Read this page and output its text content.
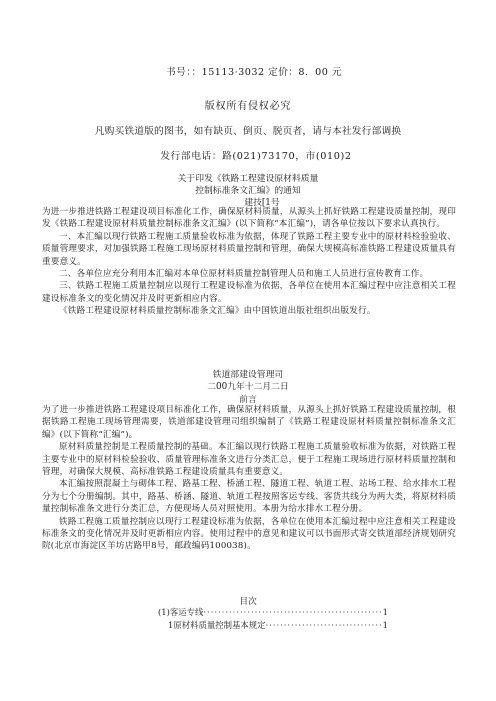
书号：：15113·3032 定价：8．00 元
版权所有侵权必究
凡购买铁道版的图书，如有缺页、倒页、脱页者，请与本社发行部调换
发行部电话：路(021)73170，市(010)2
关于印发《铁路工程建设原材料质量
控制标准条文汇编》的通知
建技[1号

为进一步推进铁路工程建设项目标准化工作，确保原材料质量，从源头上抓好铁路工程建设质量控制，现印发《铁路工程建设原材料质量控制标准条文汇编》(以下简称“本汇编”)，请各单位按以下要求认真执行。

一、本汇编以现行铁路工程施工质量验收标准为依据，体现了铁路工程主要专业中的原材料检验验收、质量管理要求，对加强铁路工程施工现场原材料质量控制和管理，确保大规模高标准铁路工程建设质量具有重要意义。

二、各单位应充分利用本汇编对本单位原材料质量控制管理人员和施工人员进行宣传教育工作。

三、铁路工程施工质量控制应以现行工程建设标准为依据，各单位在使用本汇编过程中应注意相关工程建设标准条文的变化情况并及时更新相应内容。

《铁路工程建设原材料质量控制标准条文汇编》由中国铁道出版社组织出版发行。

铁道部建设管理司
二00九年十二月二日
前言

为了进一步推进铁路工程建设项目标准化工作，确保原材料质量，从源头上抓好铁路工程建设质量控制，根据铁路工程施工现场管理需要，铁道部建设管理司组织编制了《铁路工程建设原材料质量控制标准条文汇编》(以下简称“汇编”)。

原材料质量控制是工程质量控制的基础。本汇编以现行铁路工程施工质量验收标准为依据，对铁路工程主要专业中的原材料检验验收、质量管理标准条文进行分类汇总，便于工程施工现场进行原材料质量控制和管理，对确保大规模、高标准铁路工程建设质量具有重要意义。

本汇编按照混凝土与砌体工程、路基工程、桥涵工程、隧道工程、轨道工程、站场工程、给水排水工程分为七个分册编制。其中，路基、桥涵、隧道、轨道工程按照客运专线、客货共线分为两大类，将原材料质量控制标准条文进行分类汇总，方便现场人员对照使用。本册为给水排水工程分册。

铁路工程施工质量控制应以现行工程建设标准为依据，各单位在使用本汇编过程中应注意相关工程建设标准条文的变化情况并及时更新相应内容。使用过程中的意见和建议可以书面形式寄交铁道部经济规划研究院(北京市海淀区羊坊店路甲8号，邮政编码100038)。

目次
(1)客运专线 ·····	1
1原材料质量控制基本规定 ·····	1
